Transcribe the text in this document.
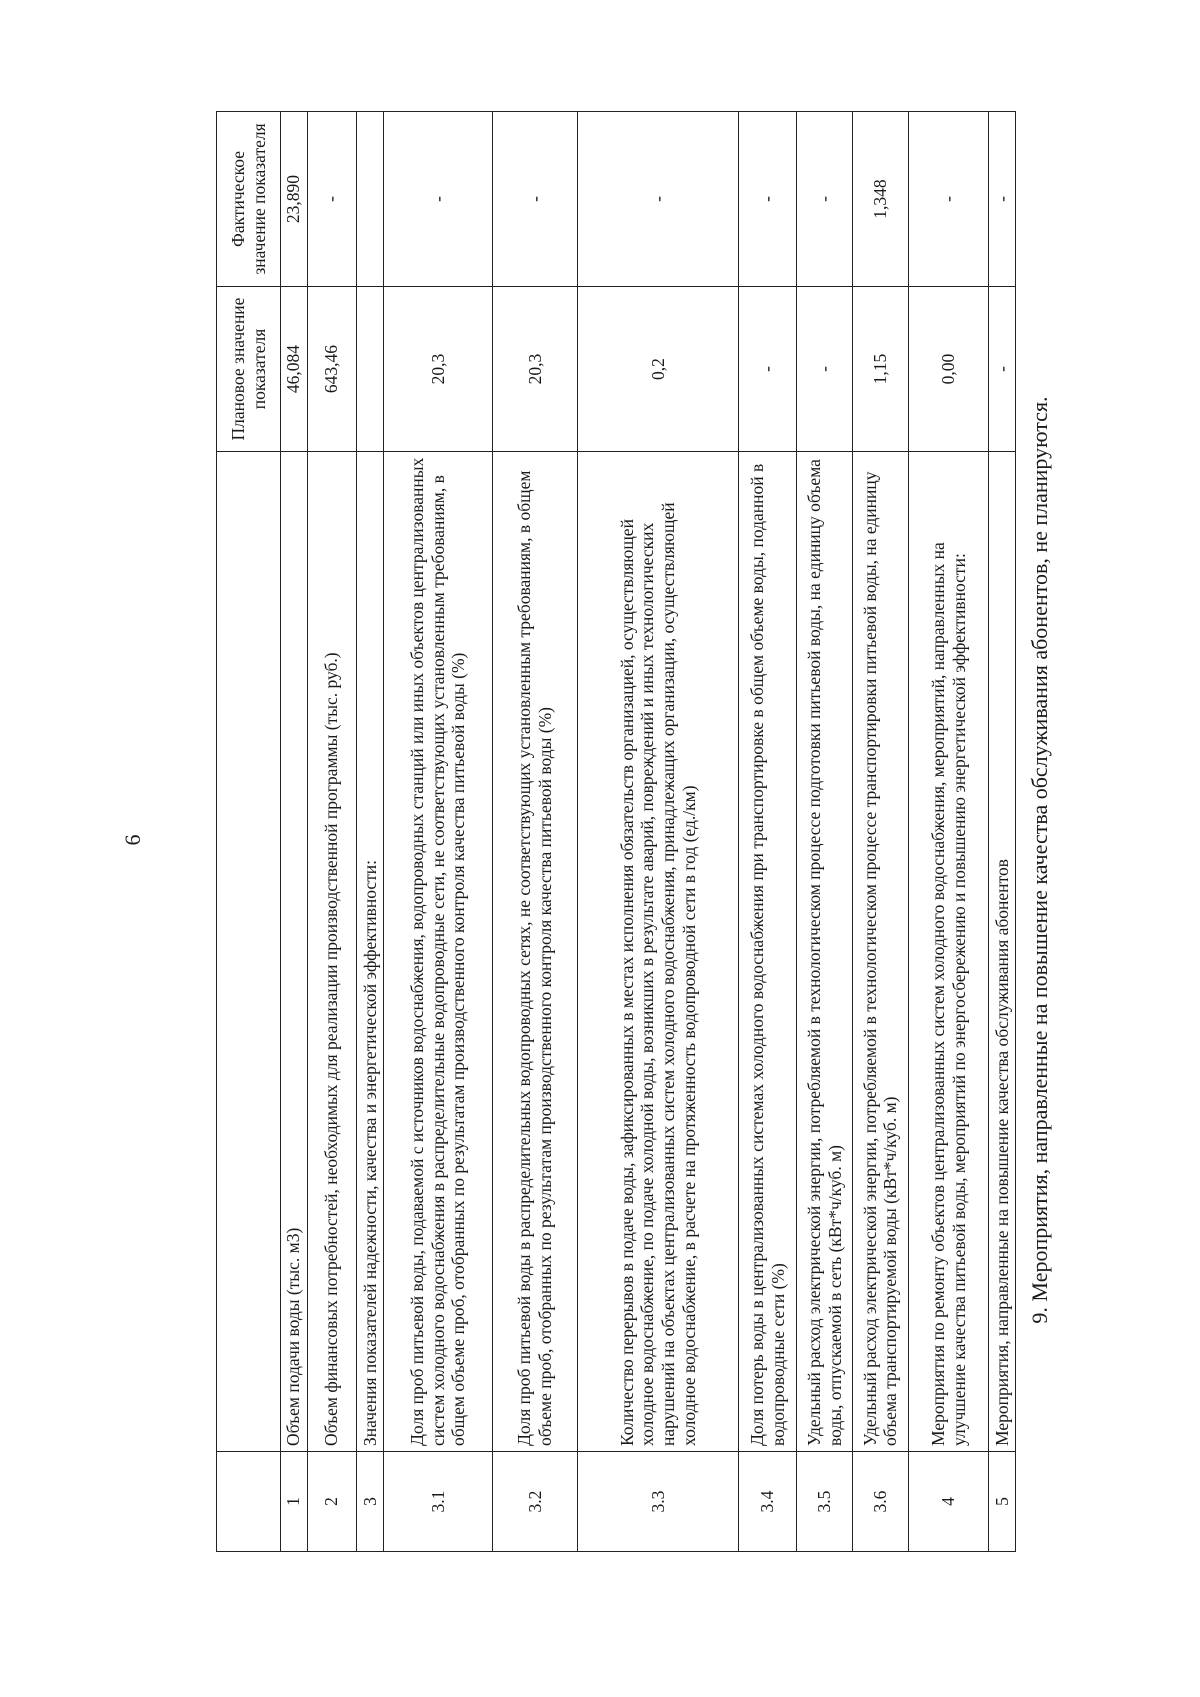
6
		Плановое значение показателя	Фактическое значение показателя
1	Объем подачи воды (тыс. м3)	46,084	23,890
2	Объем финансовых потребностей, необходимых для реализации производственной программы (тыс. руб.)	643,46	-
3	Значения показателей надежности, качества и энергетической эффективности:		
3.1	Доля проб питьевой воды, подаваемой с источников водоснабжения, водопроводных станций или иных объектов централизованных систем холодного водоснабжения в распределительные водопроводные сети, не соответствующих установленным требованиям, в общем объеме проб, отобранных по результатам производственного контроля качества питьевой воды (%)	20,3	-
3.2	Доля проб питьевой воды в распределительных водопроводных сетях, не соответствующих установленным требованиям, в общем объеме проб, отобранных по результатам производственного контроля качества питьевой воды (%)	20,3	-
3.3	Количество перерывов в подаче воды, зафиксированных в местах исполнения обязательств организацией, осуществляющей холодное водоснабжение, по подаче холодной воды, возникших в результате аварий, повреждений и иных технологических нарушений на объектах централизованных систем холодного водоснабжения, принадлежащих организации, осуществляющей холодное водоснабжение, в расчете на протяженность водопроводной сети в год (ед./км)	0,2	-
3.4	Доля потерь воды в централизованных системах холодного водоснабжения при транспортировке в общем объеме воды, поданной в водопроводные сети (%)	-	-
3.5	Удельный расход электрической энергии, потребляемой в технологическом процессе подготовки питьевой воды, на единицу объема воды, отпускаемой в сеть (кВт*ч/куб. м)	-	-
3.6	Удельный расход электрической энергии, потребляемой в технологическом процессе транспортировки питьевой воды, на единицу объема транспортируемой воды (кВт*ч/куб. м)	1,15	1,348
4	Мероприятия по ремонту объектов централизованных систем холодного водоснабжения, мероприятий, направленных на улучшение качества питьевой воды, мероприятий по энергосбережению и повышению энергетической эффективности:	0,00	-
5	Мероприятия, направленные на повышение качества обслуживания абонентов	-	-
9. Мероприятия, направленные на повышение качества обслуживания абонентов, не планируются.
